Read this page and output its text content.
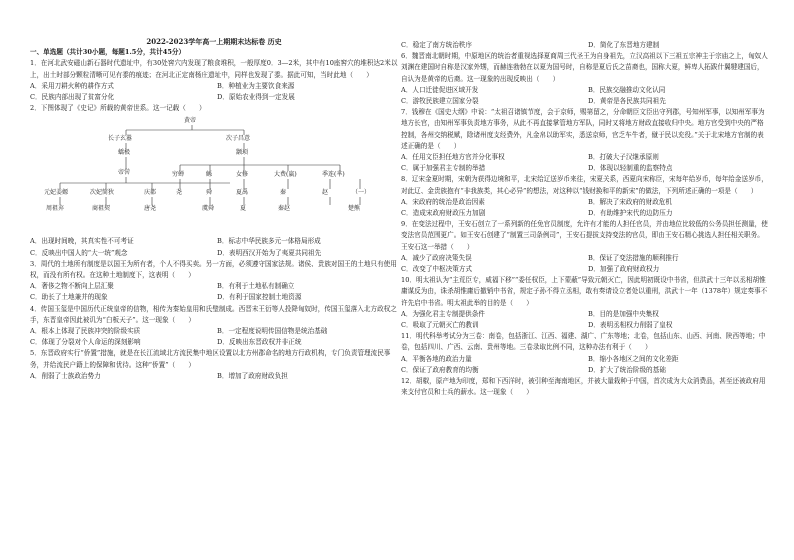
2022-2023学年高一上期期末达标卷 历史

一、单选题（共计30小题，每题1.5分，共计45分）

1．在河北武安磁山新石器时代遗址中，有30处窖穴内发现了粮食堆积，一般厚度0．3—2米，其中有10座窖穴的堆积达2米以上，出土时部分颗粒清晰可见有黍的痕迹；在河北正定南杨庄遗址中，同样也发现了黍。据此可知，当时此地（　　）

A．采用刀耕火种的耕作方式	B．种植业为主要饮食来源
C．民族内部出现了贫富分化	D．原始农业得到一定发展

2．下图体现了《史记》所载的黄帝世系。这一记载（　　）

黄帝
长子玄嚣	次子昌意
蟜极	颛顼
帝喾	穷蝉	鲧	女修	大费(嬴)	季连(芈)
元妃姜嫄	次妃简狄	庆都	尧	舜	夏禹	秦	赵	（一）
周祖弃	商祖契	唐尧	虞舜	夏	秦赵	楚熊
A．出现时间晚，其真实性不可考证	B．标志中华民族多元一体格局形成
C．反映出中国人的“大一统”观念	D．表明西汉开始为了夷夏共同祖先

3．周代的土地所有制度是以国王为所有者，个人不得买卖。另一方面，必须遵守国家法规。诸侯、贵族对国王的土地只有使用权，而没有所有权。在这种土地制度下，这表明（　　）

A．奢侈之物不断向上层汇聚	B．有利于土地私有制确立
C．助长了土地兼并的现象	D．有利于国家控制土地资源

4．传国玉玺是中国历代正统皇帝的信物，相传为秦始皇用和氏璧制成。西晋末王衍等人投降匈奴时，传国玉玺落入北方政权之手，东晋皇帝因此被讥为“白板天子”。这一现象（　　）

A．根本上体现了民族冲突的阶级实质	B．一定程度说明传国信物是统治基础
C．体现了分裂对个人命运的深刻影响	D．反映出东晋政权并非正统

5．东晋政府实行“侨置”措施，就是在长江流域北方流民集中地区设置以北方州郡命名的地方行政机构，专门负责管理流民事务，并给流民户籍上的保障和优待。这种“侨置”（　　）

A．削弱了士族政治势力	B．增加了政府财政负担
C．稳定了南方统治秩序	D．简化了东晋地方建制

6．魏晋南北朝时期，中原地区的统治者重视选择夏商周三代圣王为自身祖先，立汉高祖以下三祖五宗神主于宗庙之上，匈奴人刘渊在建国时自称是汉家外甥，而赫连勃勃在以夏为国号时，自称是夏后氏之苗裔也，国称大夏，鲜卑人拓跋什翼犍建国后，自认为是黄帝的后裔。这一现象的出现反映出（　　）

A．人口迁徙促进区域开发	B．民族交融推动文化认同
C．游牧民族建立国家分裂	D．黄帝是各民族共同祖先

7．钱穆在《国史大纲》中说：“太祖召诸镇节度，会于京师，赐第留之，分命朝臣文臣出守列郡，号知州军事，以知州军事为地方长官，由知州军事负责地方事务，从此不再直接掌管地方军队，同时又将地方财政直接收归中央。地方官受到中央的严格控制，各州交纳税赋，除诸州度支经费外，凡金帛以助军实，悉送京师，官乏车牛者，僦于民以充役。”关于北宋地方官制的表述正确的是（　　）

A．任用文臣担任地方官并分化事权	B．打破大子汉继承原则
C．属于加强君主专制的举措	D．体现以轻制重的监察特点

8．辽宋金夏时期，宋朝为获得边境和平，北宋给辽送岁币来往，宋夏关系，西夏向宋称臣，宋每年给岁币，每年给金送岁币，对此辽、金贵族抱有“非我族类，其心必异”的想法，对这种以“钱财换和平的新宋”的做法，下列所述正确的一项是（　　）

A．宋政府的统治是政治因素	B．解决了宋政府的财政危机
C．造成宋政府财政压力加剧	D．有助维护宋代的边防压力

9．在变法过程中，王安石创立了一系列新的任免官员制度，允许有才能的人担任官员，并由地位比较低的公务员担任测量，使变法官员范围更广。如王安石创建了“制置三司条例司”，王安石提拔支持变法的官员，即由王安石精心挑选人担任相关职务。王安石这一举措（　　）

A．减少了政府决策失误	B．保证了变法措施的顺利推行
C．改变了中枢决策方式	D．加强了政府财政权力

10．明太祖认为“主荒臣专，威福下移”“委任权臣，上下蒙蔽”导致元朝灭亡，因此明初既设中书省，但洪武十三年以丞相胡惟庸谋反为由，诛杀胡惟庸后撤销中书省，规定子孙不得立丞相，敢有奏请设立者处以重刑，洪武十一年（1378年）规定奏事不许先启中书省。明太祖此举的目的是（　　）

A．为强化君主专制提供条件	B．目的是加强中央集权
C．吸取了元朝灭亡的教训	D．表明丞相权力削弱了皇权

11．明代科举考试分为三卷：南卷，包括浙江、江西、福建、湖广、广东等地；北卷，包括山东、山西、河南、陕西等地；中卷，包括四川、广西、云南、贵州等地。三卷录取比例不同，这种办法有利于（　　）

A．平衡各地的政治力量	B．缩小各地区之间的文化差距
C．保证了政府教育的均衡	D．扩大了统治阶级的基础

12．胡椒，原产地为印度，郑和下西洋时，被引种至海南地区，并被大量栽种于中国，首次成为大众消费品，甚至还被政府用来支付官员和士兵的薪水。这一现象（　　）
